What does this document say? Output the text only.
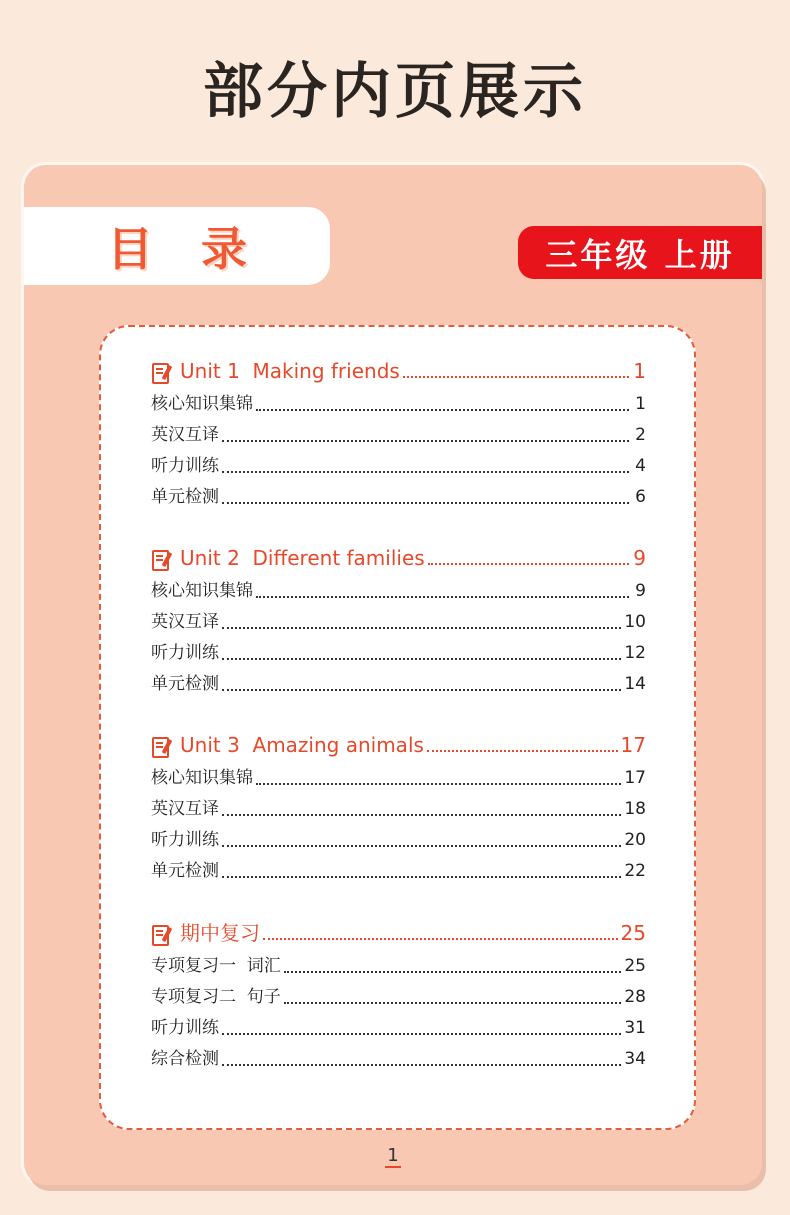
部分内页展示
目 录	三年级 上册
Unit 1  Making friends	1
核心知识集锦	1
英汉互译	2
听力训练	4
单元检测	6
Unit 2  Different families	9
核心知识集锦	9
英汉互译	10
听力训练	12
单元检测	14
Unit 3  Amazing animals	17
核心知识集锦	17
英汉互译	18
听力训练	20
单元检测	22
期中复习	25
专项复习一  词汇	25
专项复习二  句子	28
听力训练	31
综合检测	34
1
